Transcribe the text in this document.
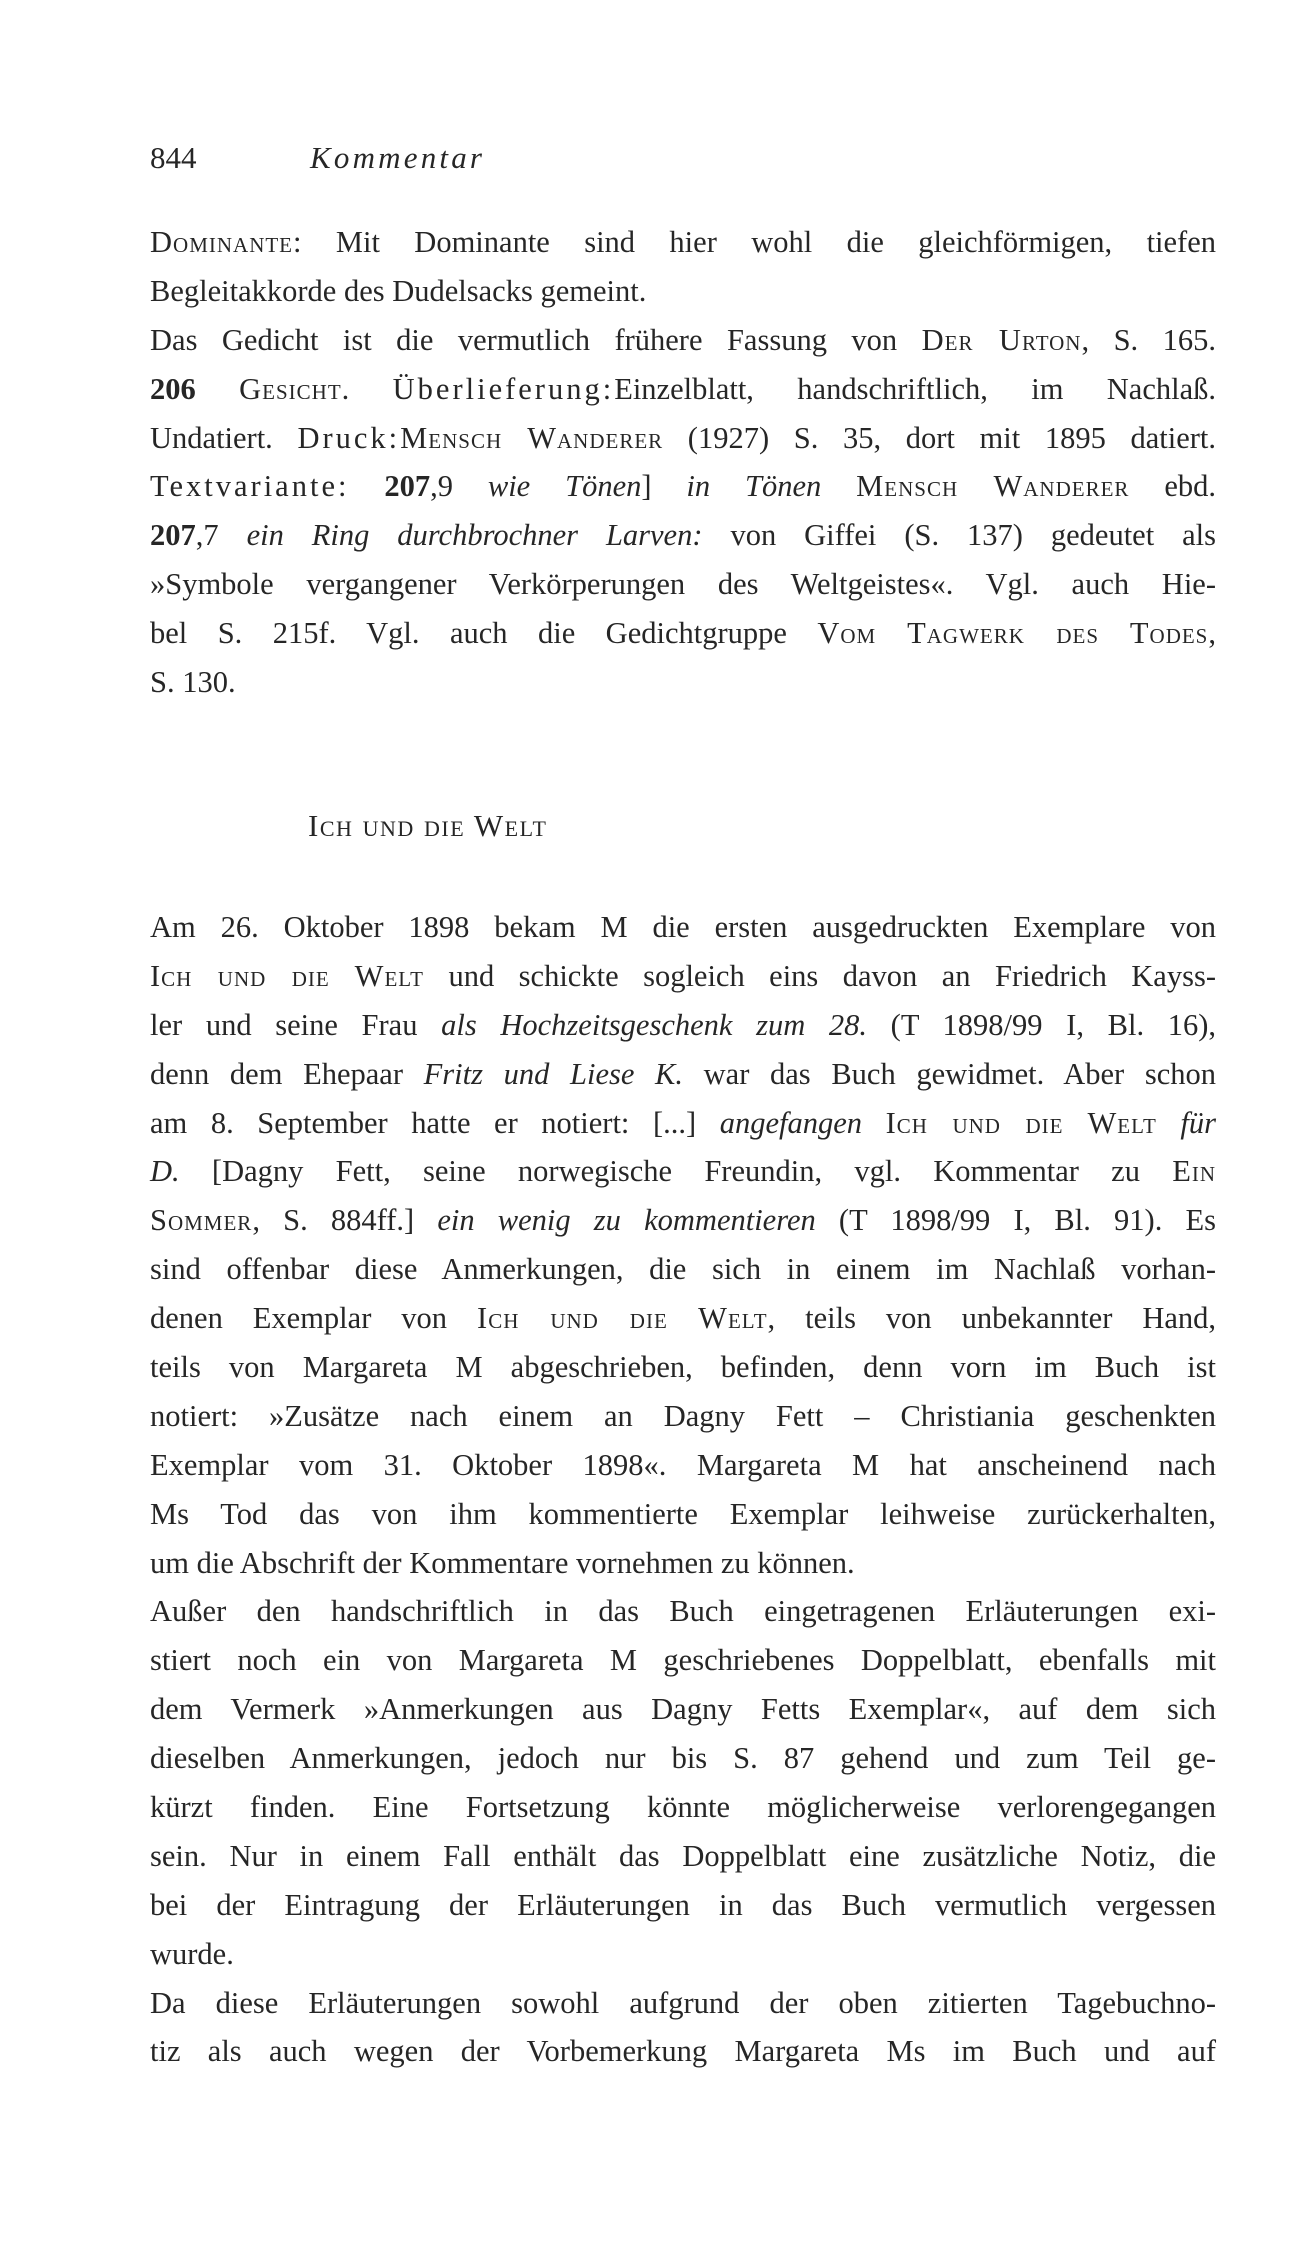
844	Kommentar
Dominante: Mit Dominante sind hier wohl die gleichförmigen, tiefen
Begleitakkorde des Dudelsacks gemeint.
Das Gedicht ist die vermutlich frühere Fassung von Der Urton, S. 165.
206 Gesicht. Überlieferung:Einzelblatt, handschriftlich, im Nachlaß.
Undatiert. Druck:Mensch Wanderer (1927) S. 35, dort mit 1895 datiert.
Textvariante: 207,9 wie Tönen] in Tönen Mensch Wanderer ebd.
207,7 ein Ring durchbrochner Larven: von Giffei (S. 137) gedeutet als
»Symbole vergangener Verkörperungen des Weltgeistes«. Vgl. auch Hie-
bel S. 215f. Vgl. auch die Gedichtgruppe Vom Tagwerk des Todes,
S. 130.
Ich und die Welt
Am 26. Oktober 1898 bekam M die ersten ausgedruckten Exemplare von
Ich und die Welt und schickte sogleich eins davon an Friedrich Kayss-
ler und seine Frau als Hochzeitsgeschenk zum 28. (T 1898/99 I, Bl. 16),
denn dem Ehepaar Fritz und Liese K. war das Buch gewidmet. Aber schon
am 8. September hatte er notiert: [...] angefangen Ich und die Welt für
D. [Dagny Fett, seine norwegische Freundin, vgl. Kommentar zu Ein
Sommer, S. 884ff.] ein wenig zu kommentieren (T 1898/99 I, Bl. 91). Es
sind offenbar diese Anmerkungen, die sich in einem im Nachlaß vorhan-
denen Exemplar von Ich und die Welt, teils von unbekannter Hand,
teils von Margareta M abgeschrieben, befinden, denn vorn im Buch ist
notiert: »Zusätze nach einem an Dagny Fett – Christiania geschenkten
Exemplar vom 31. Oktober 1898«. Margareta M hat anscheinend nach
Ms Tod das von ihm kommentierte Exemplar leihweise zurückerhalten,
um die Abschrift der Kommentare vornehmen zu können.
Außer den handschriftlich in das Buch eingetragenen Erläuterungen exi-
stiert noch ein von Margareta M geschriebenes Doppelblatt, ebenfalls mit
dem Vermerk »Anmerkungen aus Dagny Fetts Exemplar«, auf dem sich
dieselben Anmerkungen, jedoch nur bis S. 87 gehend und zum Teil ge-
kürzt finden. Eine Fortsetzung könnte möglicherweise verlorengegangen
sein. Nur in einem Fall enthält das Doppelblatt eine zusätzliche Notiz, die
bei der Eintragung der Erläuterungen in das Buch vermutlich vergessen
wurde.
Da diese Erläuterungen sowohl aufgrund der oben zitierten Tagebuchno-
tiz als auch wegen der Vorbemerkung Margareta Ms im Buch und auf
